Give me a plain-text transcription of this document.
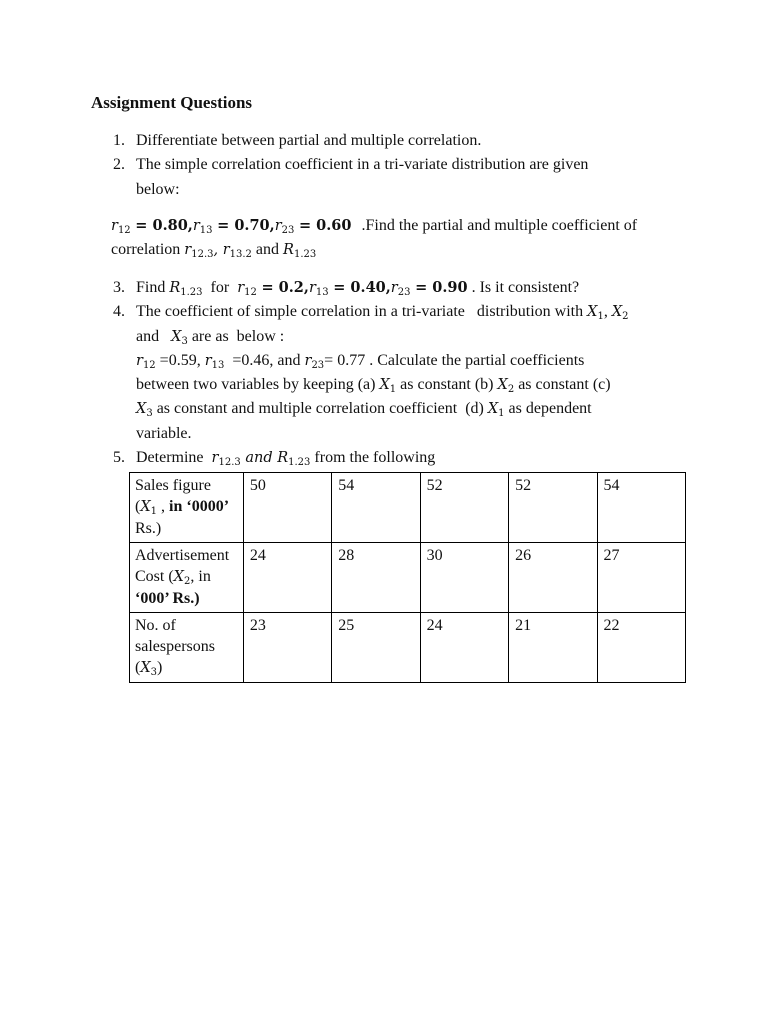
Assignment Questions
1. Differentiate between partial and multiple correlation.
2. The simple correlation coefficient in a tri-variate distribution are given
below:
$r_{12} = 0.80,r_{13} = 0.70,r_{23} = 0.60$ .Find the partial and multiple coefficient of
correlation $r_{12.3}$, $r_{13.2}$ and $R_{1.23}$
3. Find $R_{1.23}$ for $r_{12} = 0.2,r_{13} = 0.40,r_{23} = 0.90$ . Is it consistent?
4. The coefficient of simple correlation in a tri-variate   distribution with $X_1$, $X_2$
and   $X_3$ are as  below :
$r_{12} =0.59$, $r_{13} =0.46$, and $r_{23}= 0.77$ . Calculate the partial coefficients
between two variables by keeping (a) $X_1$ as constant (b) $X_2$ as constant (c)
$X_3$ as constant and multiple correlation coefficient  (d) $X_1$ as dependent
variable.
5. Determine $r_{12.3}$ and $R_{1.23}$ from the following
Sales figure
($X_1$ , in ‘0000’
Rs.)	50	54	52	52	54
Advertisement
Cost ($X_2$, in
‘000’ Rs.)	24	28	30	26	27
No. of
salespersons
$(X_3)$	23	25	24	21	22
